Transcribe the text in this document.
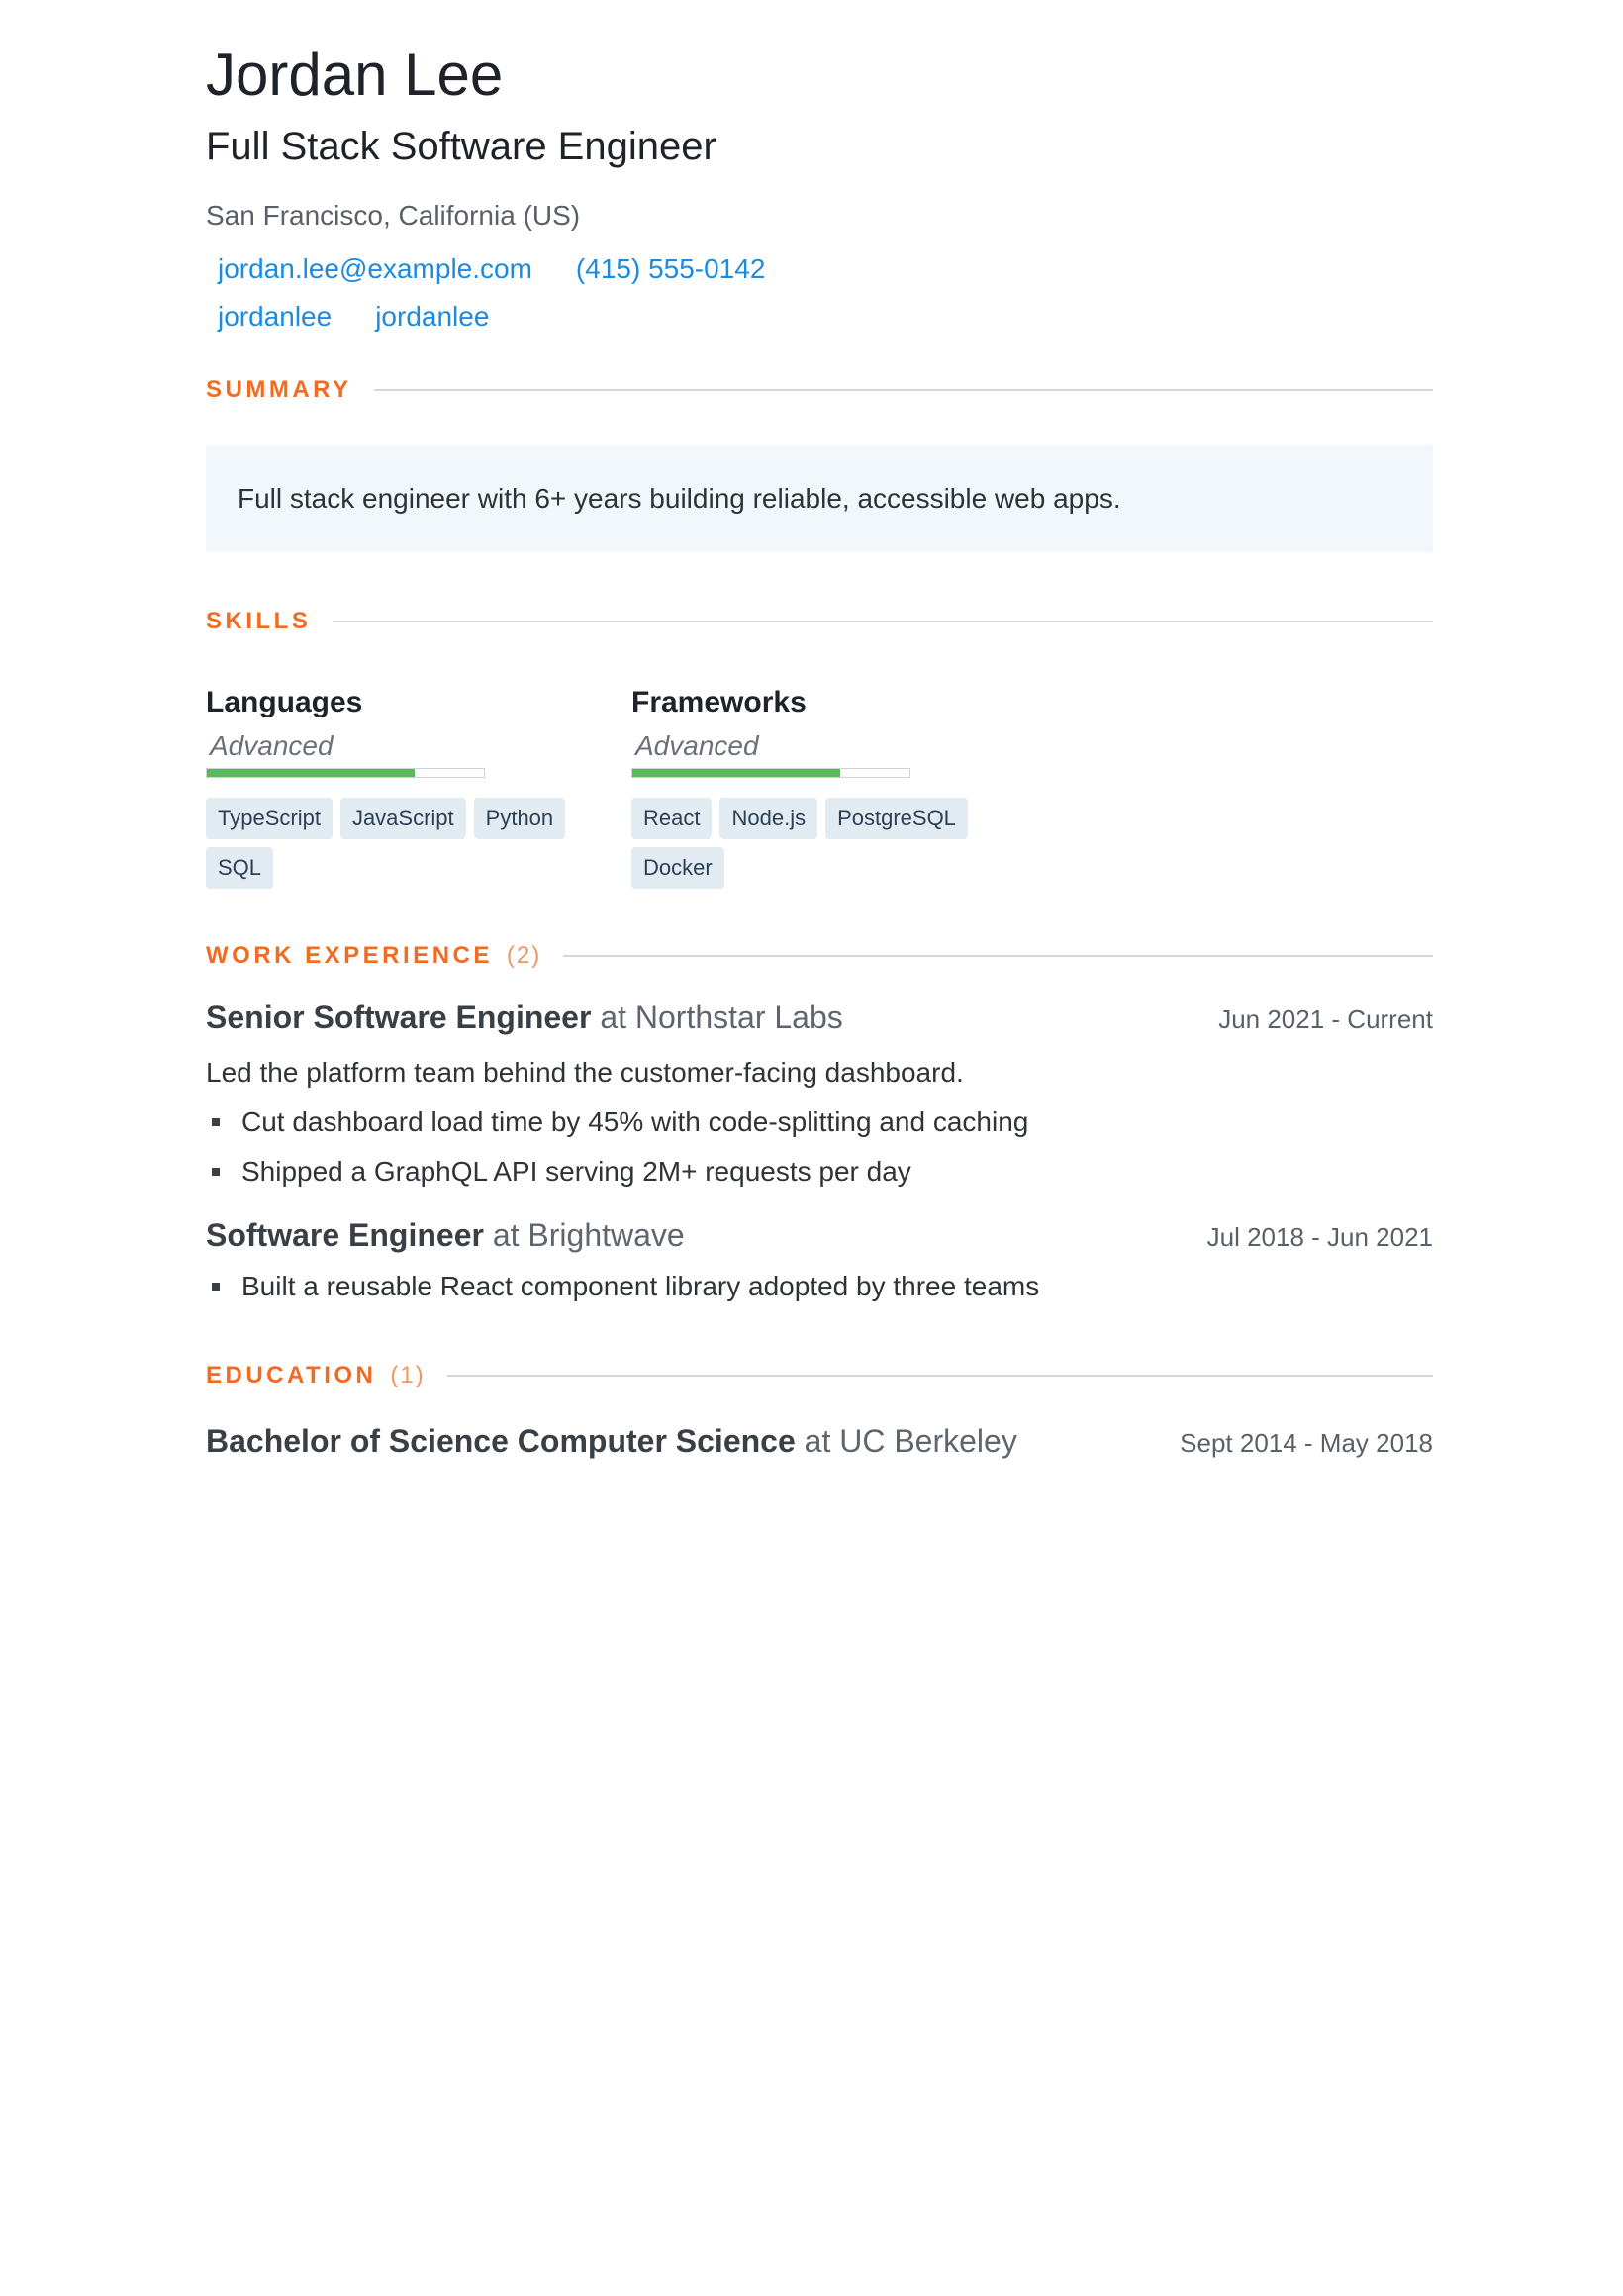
Jordan Lee
Full Stack Software Engineer
San Francisco, California (US)
jordan.lee@example.com (415) 555-0142
jordanlee jordanlee
SUMMARY
Full stack engineer with 6+ years building reliable, accessible web apps.
SKILLS
Languages
Advanced
TypeScript	JavaScript	Python
SQL
Frameworks
Advanced
React	Node.js	PostgreSQL
Docker
WORK EXPERIENCE (2)
Senior Software Engineer at Northstar Labs	Jun 2021 - Current
Led the platform team behind the customer-facing dashboard.
Cut dashboard load time by 45% with code-splitting and caching
Shipped a GraphQL API serving 2M+ requests per day
Software Engineer at Brightwave	Jul 2018 - Jun 2021
Built a reusable React component library adopted by three teams
EDUCATION (1)
Bachelor of Science Computer Science at UC Berkeley	Sept 2014 - May 2018
